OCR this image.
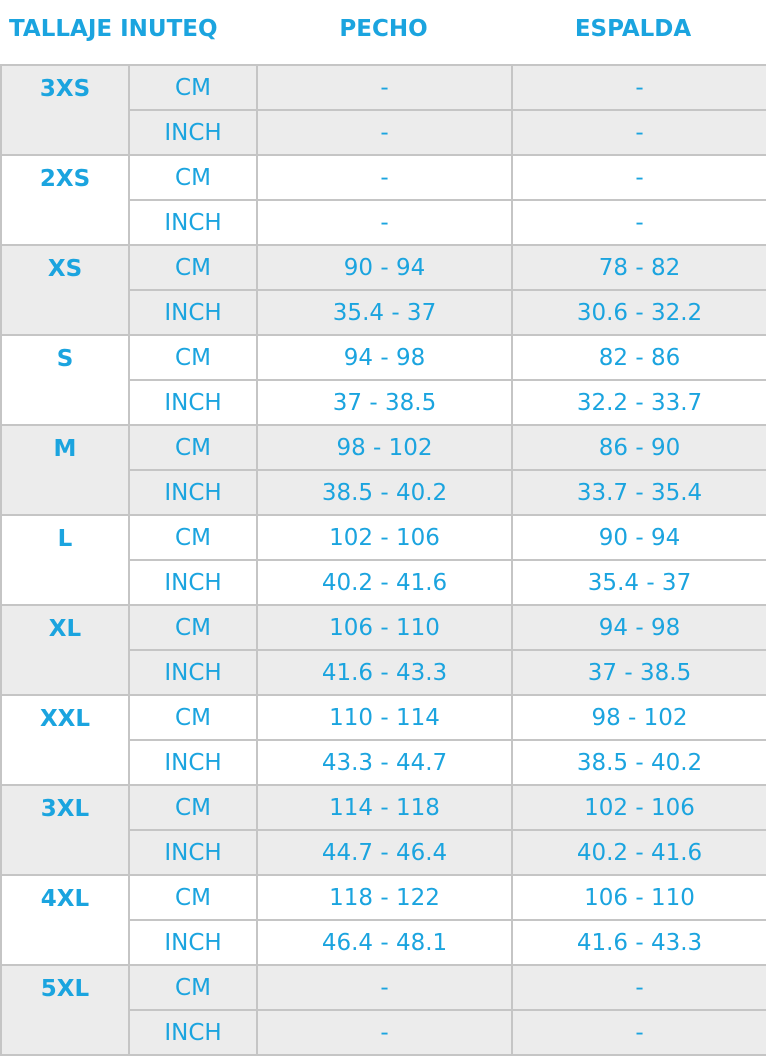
TALLAJE INUTEQ	PECHO	ESPALDA
3XS	CM	-	-
	INCH	-	-
2XS	CM	-	-
	INCH	-	-
XS	CM	90 - 94	78 - 82
	INCH	35.4 - 37	30.6 - 32.2
S	CM	94 - 98	82 - 86
	INCH	37 - 38.5	32.2 - 33.7
M	CM	98 - 102	86 - 90
	INCH	38.5 - 40.2	33.7 - 35.4
L	CM	102 - 106	90 - 94
	INCH	40.2 - 41.6	35.4 - 37
XL	CM	106 - 110	94 - 98
	INCH	41.6 - 43.3	37 - 38.5
XXL	CM	110 - 114	98 - 102
	INCH	43.3 - 44.7	38.5 - 40.2
3XL	CM	114 - 118	102 - 106
	INCH	44.7 - 46.4	40.2 - 41.6
4XL	CM	118 - 122	106 - 110
	INCH	46.4 - 48.1	41.6 - 43.3
5XL	CM	-	-
	INCH	-	-
